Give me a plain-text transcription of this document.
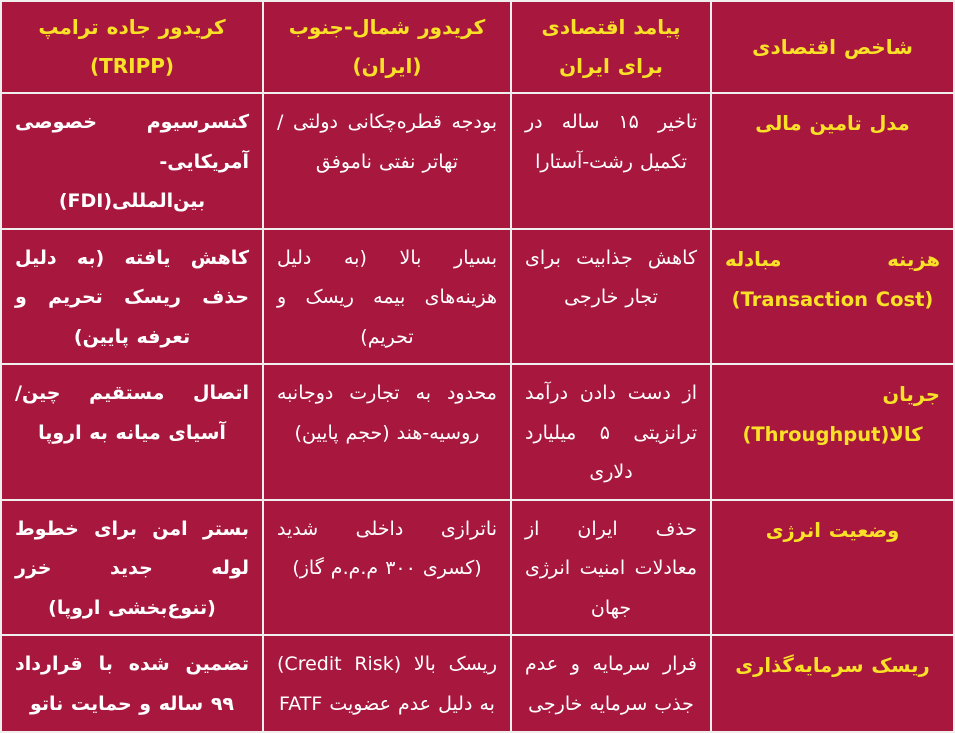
شاخص اقتصادی	پیامد اقتصادی برای ایران	کریدور شمال-جنوب (ایران)	کریدور جاده ترامپ (TRIPP)
مدل تامین مالی	تاخیر ۱۵ ساله در تکمیل رشت-آستارا	بودجه قطره‌چکانی دولتی / تهاتر نفتی ناموفق	کنسرسیوم خصوصی آمریکایی-بین‌المللی(FDI)
هزینه مبادله (Transaction Cost)	کاهش جذابیت برای تجار خارجی	بسیار بالا (به دلیل هزینه‌های بیمه ریسک و تحریم)	کاهش یافته (به دلیل حذف ریسک تحریم و تعرفه پایین)
جریان کالا(Throughput)	از دست دادن درآمد ترانزیتی ۵ میلیارد دلاری	محدود به تجارت دوجانبه روسیه-هند (حجم پایین)	اتصال مستقیم چین/آسیای میانه به اروپا
وضعیت انرژی	حذف ایران از معادلات امنیت انرژی جهان	ناترازی داخلی شدید (کسری ۳۰۰ م.م.م گاز)	بستر امن برای خطوط لوله جدید خزر (تنوع‌بخشی اروپا)
ریسک سرمایه‌گذاری	فرار سرمایه و عدم جذب سرمایه خارجی	ریسک بالا (Credit Risk) به دلیل عدم عضویت FATF	تضمین شده با قرارداد ۹۹ ساله و حمایت ناتو
